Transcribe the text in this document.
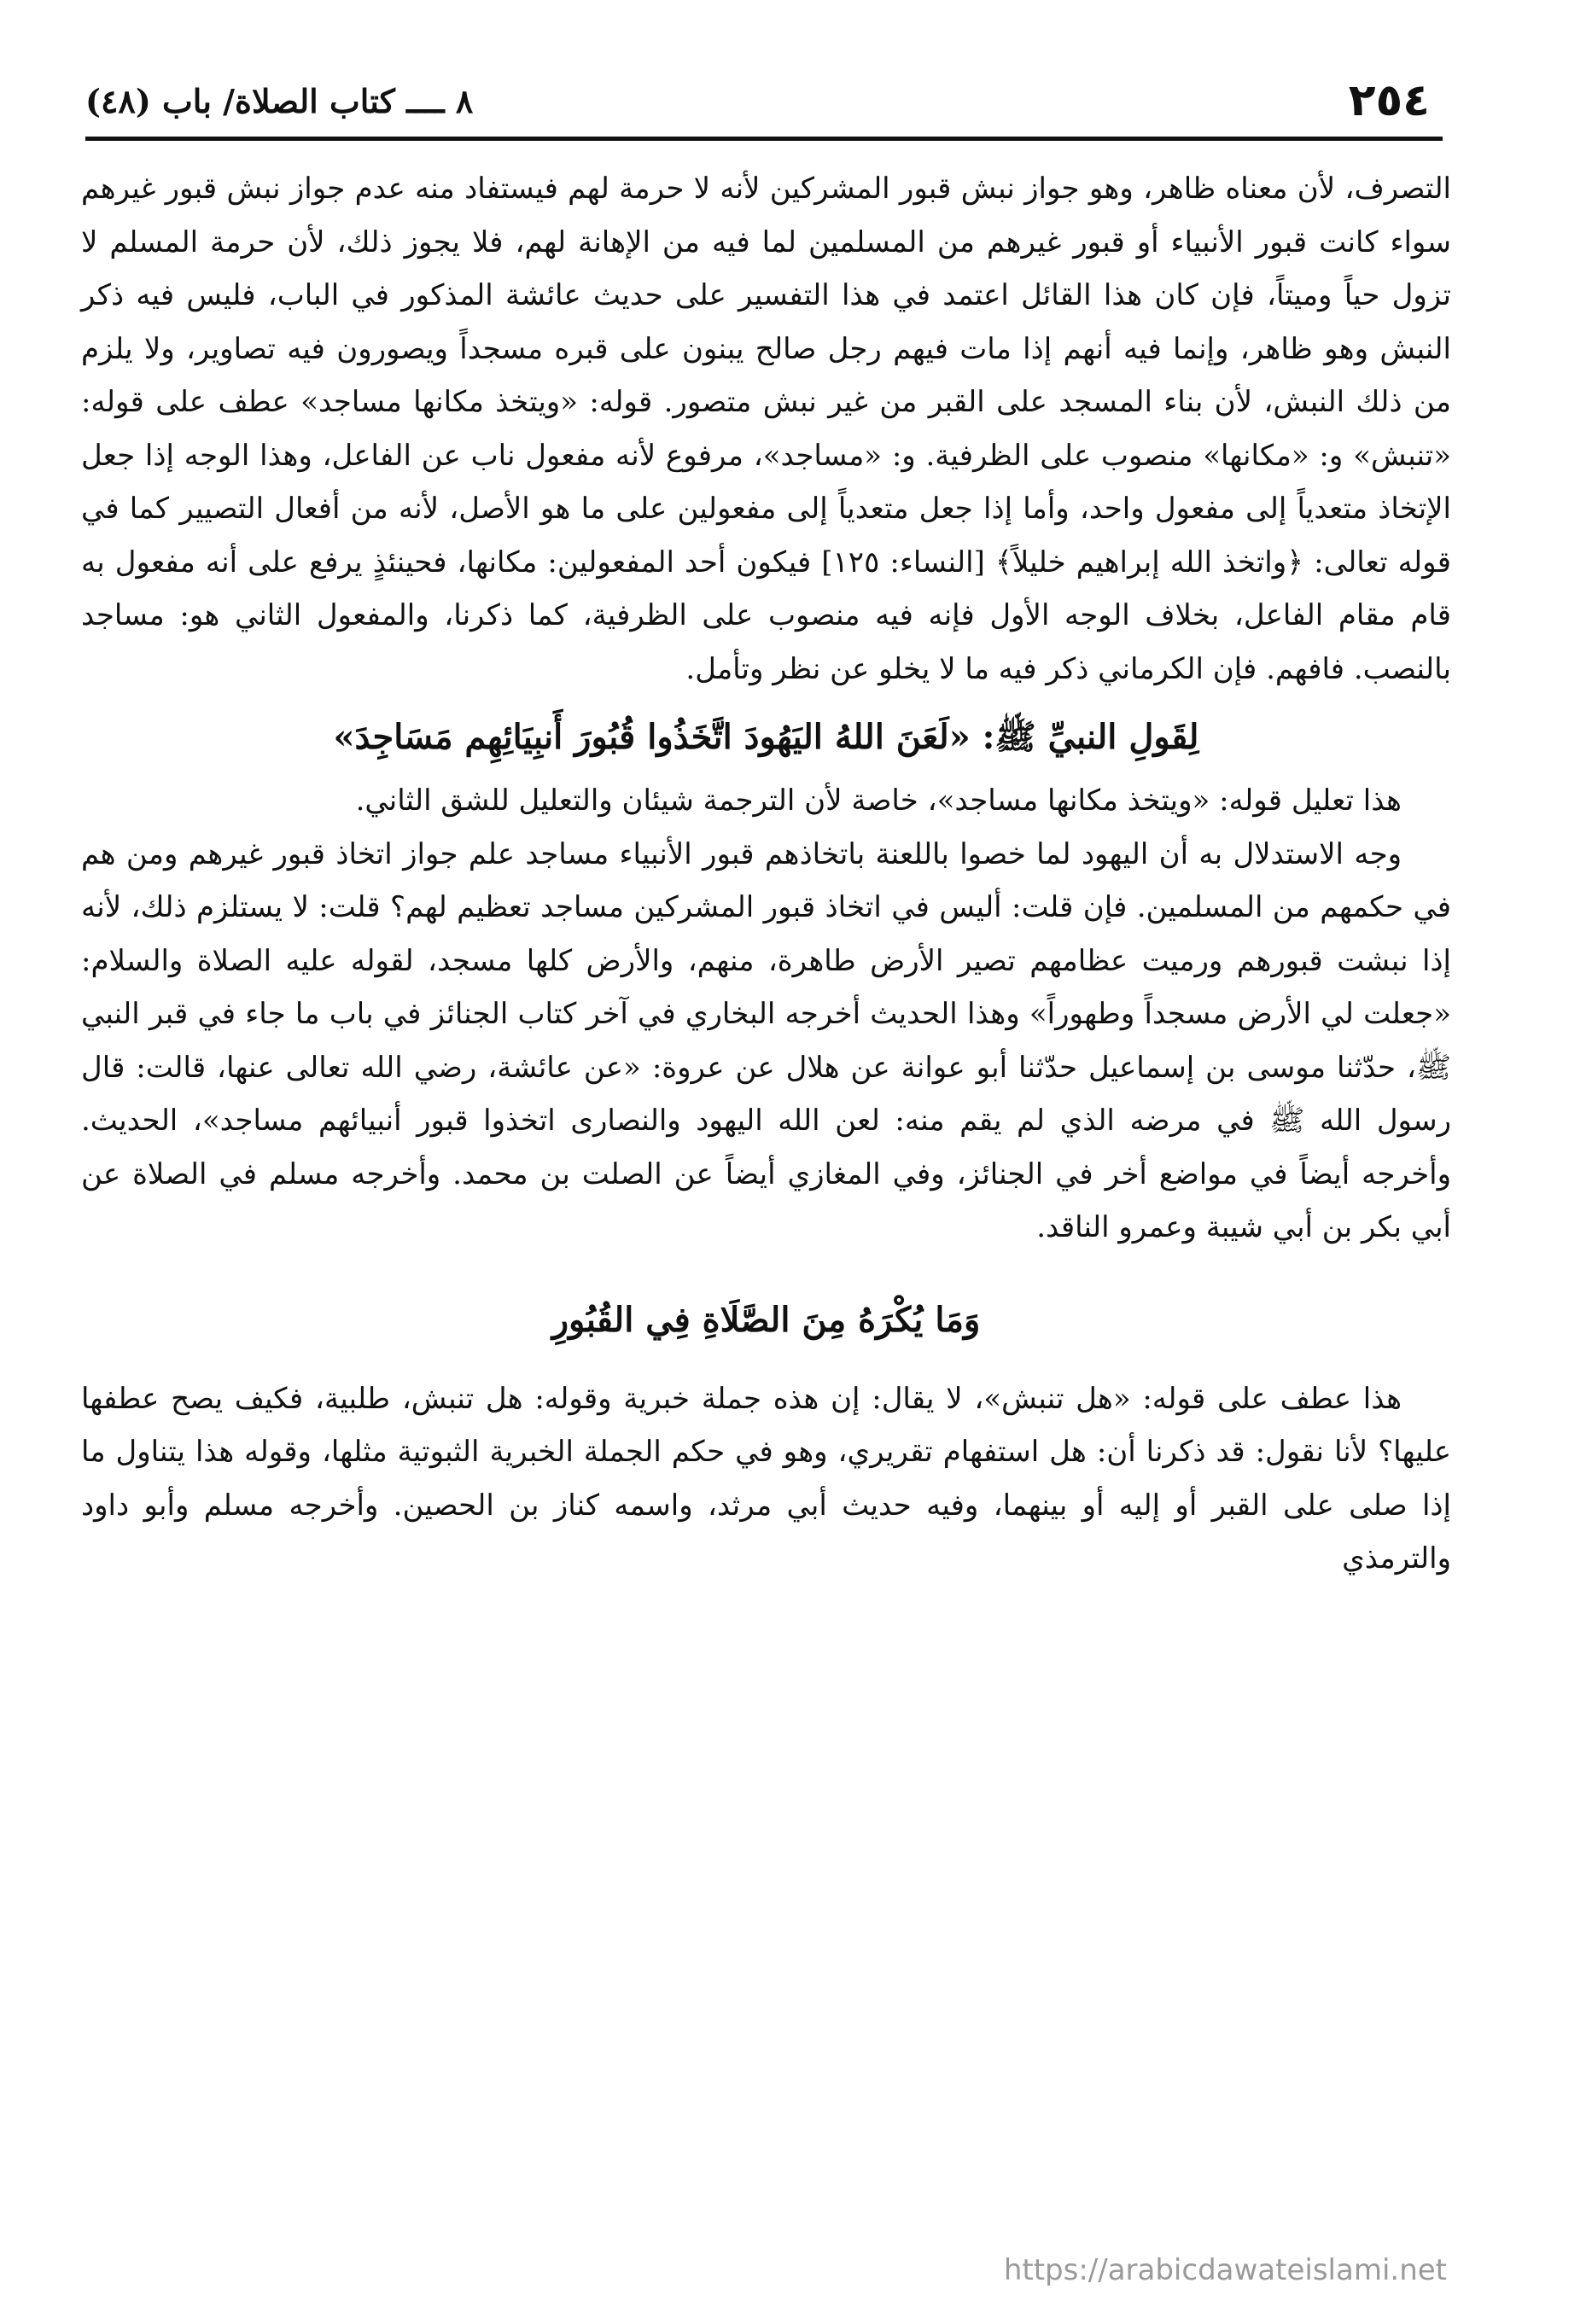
٢٥٤
٨ ــــ كتاب الصلاة/ باب (٤٨)

التصرف، لأن معناه ظاهر، وهو جواز نبش قبور المشركين لأنه لا حرمة لهم فيستفاد منه عدم جواز نبش قبور غيرهم سواء كانت قبور الأنبياء أو قبور غيرهم من المسلمين لما فيه من الإهانة لهم، فلا يجوز ذلك، لأن حرمة المسلم لا تزول حياً وميتاً، فإن كان هذا القائل اعتمد في هذا التفسير على حديث عائشة المذكور في الباب، فليس فيه ذكر النبش وهو ظاهر، وإنما فيه أنهم إذا مات فيهم رجل صالح يبنون على قبره مسجداً ويصورون فيه تصاوير، ولا يلزم من ذلك النبش، لأن بناء المسجد على القبر من غير نبش متصور. قوله: «ويتخذ مكانها مساجد» عطف على قوله: «تنبش» و: «مكانها» منصوب على الظرفية. و: «مساجد»، مرفوع لأنه مفعول ناب عن الفاعل، وهذا الوجه إذا جعل الإتخاذ متعدياً إلى مفعول واحد، وأما إذا جعل متعدياً إلى مفعولين على ما هو الأصل، لأنه من أفعال التصيير كما في قوله تعالى: ﴿واتخذ الله إبراهيم خليلاً﴾ [النساء: ١٢٥] فيكون أحد المفعولين: مكانها، فحينئذٍ يرفع على أنه مفعول به قام مقام الفاعل، بخلاف الوجه الأول فإنه فيه منصوب على الظرفية، كما ذكرنا، والمفعول الثاني هو: مساجد بالنصب. فافهم. فإن الكرماني ذكر فيه ما لا يخلو عن نظر وتأمل.

لِقَولِ النبيِّ ﷺ: «لَعَنَ اللهُ اليَهُودَ اتَّخَذُوا قُبُورَ أَنبِيَائِهِم مَسَاجِدَ»

هذا تعليل قوله: «ويتخذ مكانها مساجد»، خاصة لأن الترجمة شيئان والتعليل للشق الثاني.

وجه الاستدلال به أن اليهود لما خصوا باللعنة باتخاذهم قبور الأنبياء مساجد علم جواز اتخاذ قبور غيرهم ومن هم في حكمهم من المسلمين. فإن قلت: أليس في اتخاذ قبور المشركين مساجد تعظيم لهم؟ قلت: لا يستلزم ذلك، لأنه إذا نبشت قبورهم ورميت عظامهم تصير الأرض طاهرة، منهم، والأرض كلها مسجد، لقوله عليه الصلاة والسلام: «جعلت لي الأرض مسجداً وطهوراً» وهذا الحديث أخرجه البخاري في آخر كتاب الجنائز في باب ما جاء في قبر النبي ﷺ، حدّثنا موسى بن إسماعيل حدّثنا أبو عوانة عن هلال عن عروة: «عن عائشة، رضي الله تعالى عنها، قالت: قال رسول الله ﷺ في مرضه الذي لم يقم منه: لعن الله اليهود والنصارى اتخذوا قبور أنبيائهم مساجد»، الحديث. وأخرجه أيضاً في مواضع أخر في الجنائز، وفي المغازي أيضاً عن الصلت بن محمد. وأخرجه مسلم في الصلاة عن أبي بكر بن أبي شيبة وعمرو الناقد.

وَمَا يُكْرَهُ مِنَ الصَّلَاةِ فِي القُبُورِ

هذا عطف على قوله: «هل تنبش»، لا يقال: إن هذه جملة خبرية وقوله: هل تنبش، طلبية، فكيف يصح عطفها عليها؟ لأنا نقول: قد ذكرنا أن: هل استفهام تقريري، وهو في حكم الجملة الخبرية الثبوتية مثلها، وقوله هذا يتناول ما إذا صلى على القبر أو إليه أو بينهما، وفيه حديث أبي مرثد، واسمه كناز بن الحصين. وأخرجه مسلم وأبو داود والترمذي

https://arabicdawateislami.net
